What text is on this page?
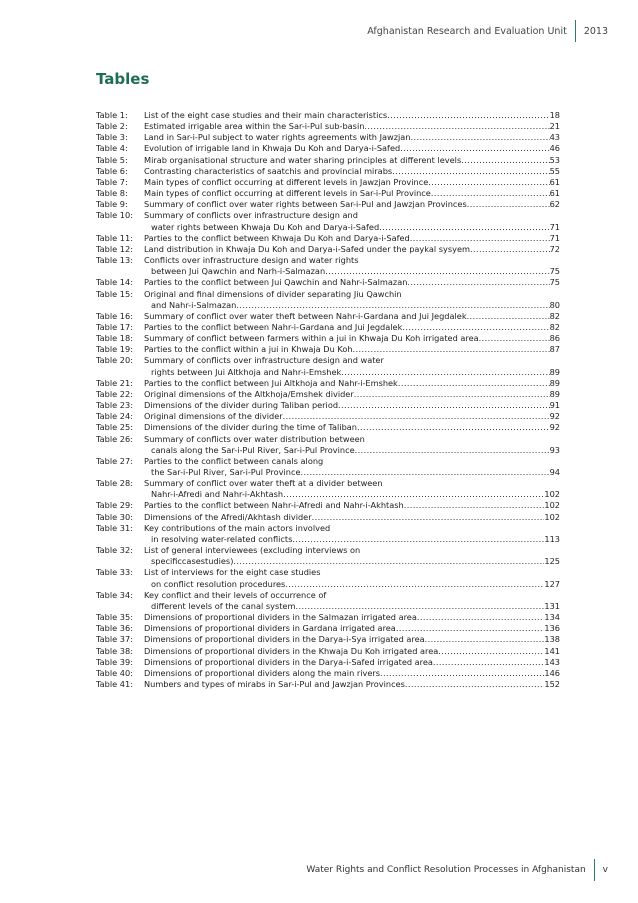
Afghanistan Research and Evaluation Unit 2013
Tables
Table 1:	List of the eight case studies and their main characteristics .....	18
Table 2:	Estimated irrigable area within the Sar-i-Pul sub-basin .....	21
Table 3:	Land in Sar-i-Pul subject to water rights agreements with Jawzjan .....	43
Table 4:	Evolution of irrigable land in Khwaja Du Koh and Darya-i-Safed .....	46
Table 5:	Mirab organisational structure and water sharing principles at different levels .....	53
Table 6:	Contrasting characteristics of saatchis and provincial mirabs .....	55
Table 7:	Main types of conflict occurring at different levels in Jawzjan Province .....	61
Table 8:	Main types of conflict occurring at different levels in Sar-i-Pul Province .....	61
Table 9:	Summary of conflict over water rights between Sar-i-Pul and Jawzjan Provinces .....	62
Table 10:	Summary of conflicts over infrastructure design and
water rights between Khwaja Du Koh and Darya-i-Safed .....	71
Table 11:	Parties to the conflict between Khwaja Du Koh and Darya-i-Safed .....	71
Table 12:	Land distribution in Khwaja Du Koh and Darya-i-Safed under the paykal sysyem .....	72
Table 13:	Conflicts over infrastructure design and water rights
between Jui Qawchin and Narh-i-Salmazan .....	75
Table 14:	Parties to the conflict between Jui Qawchin and Nahr-i-Salmazan .....	75
Table 15:	Original and final dimensions of divider separating Jiu Qawchin
and Nahr-i-Salmazan .....	80
Table 16:	Summary of conflict over water theft between Nahr-i-Gardana and Jui Jegdalek .....	82
Table 17:	Parties to the conflict between Nahr-i-Gardana and Jui Jegdalek .....	82
Table 18:	Summary of conflict between farmers within a jui in Khwaja Du Koh irrigated area .....	86
Table 19:	Parties to the conflict within a jui in Khwaja Du Koh .....	87
Table 20:	Summary of conflicts over infrastructure design and water
rights between Jui Altkhoja and Nahr-i-Emshek .....	89
Table 21:	Parties to the conflict between Jui Altkhoja and Nahr-i-Emshek .....	89
Table 22:	Original dimensions of the Altkhoja/Emshek divider .....	89
Table 23:	Dimensions of the divider during Taliban period .....	91
Table 24:	Original dimensions of the divider .....	92
Table 25:	Dimensions of the divider during the time of Taliban .....	92
Table 26:	Summary of conflicts over water distribution between
canals along the Sar-i-Pul River, Sar-i-Pul Province .....	93
Table 27:	Parties to the conflict between canals along
the Sar-i-Pul River, Sar-i-Pul Province .....	94
Table 28:	Summary of conflict over water theft at a divider between
Nahr-i-Afredi and Nahr-i-Akhtash .....	102
Table 29:	Parties to the conflict between Nahr-i-Afredi and Nahr-i-Akhtash .....	102
Table 30:	Dimensions of the Afredi/Akhtash divider .....	102
Table 31:	Key contributions of the main actors involved
in resolving water-related conflicts .....	113
Table 32:	List of general interviewees (excluding interviews on
specificcasestudies) .....	125
Table 33:	List of interviews for the eight case studies
on conflict resolution procedures .....	127
Table 34:	Key conflict and their levels of occurrence of
different levels of the canal system .....	131
Table 35:	Dimensions of proportional dividers in the Salmazan irrigated area .....	134
Table 36:	Dimensions of proportional dividers in Gardana irrigated area .....	136
Table 37:	Dimensions of proportional dividers in the Darya-i-Sya irrigated area .....	138
Table 38:	Dimensions of proportional dividers in the Khwaja Du Koh irrigated area .....	141
Table 39:	Dimensions of proportional dividers in the Darya-i-Safed irrigated area .....	143
Table 40:	Dimensions of proportional dividers along the main rivers .....	146
Table 41:	Numbers and types of mirabs in Sar-i-Pul and Jawzjan Provinces .....	152
Water Rights and Conflict Resolution Processes in Afghanistan v
